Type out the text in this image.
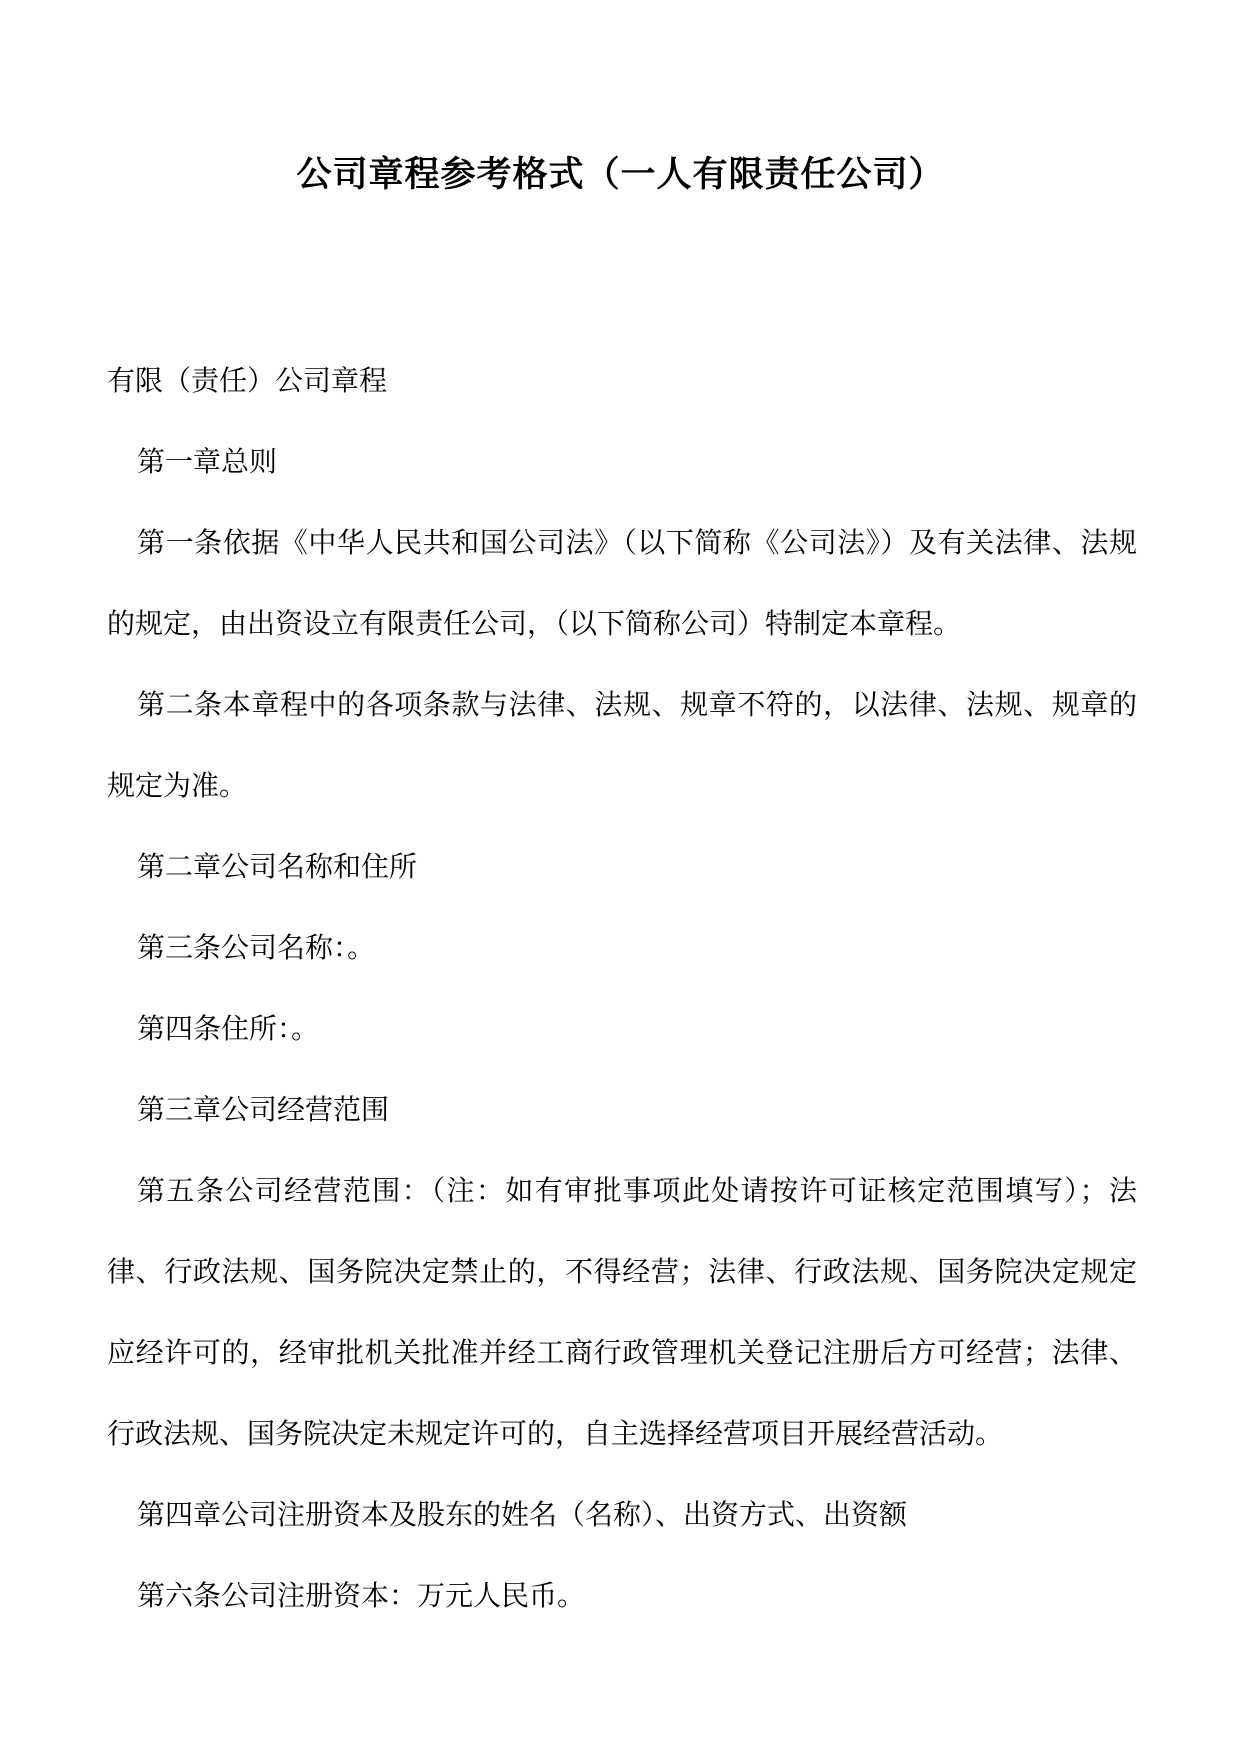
公司章程参考格式（一人有限责任公司）

有限（责任）公司章程

第一章总则

第一条依据《中华人民共和国公司法》（以下简称《公司法》）及有关法律、法规的规定，由出资设立有限责任公司，（以下简称公司）特制定本章程。

第二条本章程中的各项条款与法律、法规、规章不符的，以法律、法规、规章的规定为准。

第二章公司名称和住所

第三条公司名称：。

第四条住所：。

第三章公司经营范围

第五条公司经营范围：（注：如有审批事项此处请按许可证核定范围填写）；法律、行政法规、国务院决定禁止的，不得经营；法律、行政法规、国务院决定规定应经许可的，经审批机关批准并经工商行政管理机关登记注册后方可经营；法律、行政法规、国务院决定未规定许可的，自主选择经营项目开展经营活动。

第四章公司注册资本及股东的姓名（名称）、出资方式、出资额

第六条公司注册资本：万元人民币。
